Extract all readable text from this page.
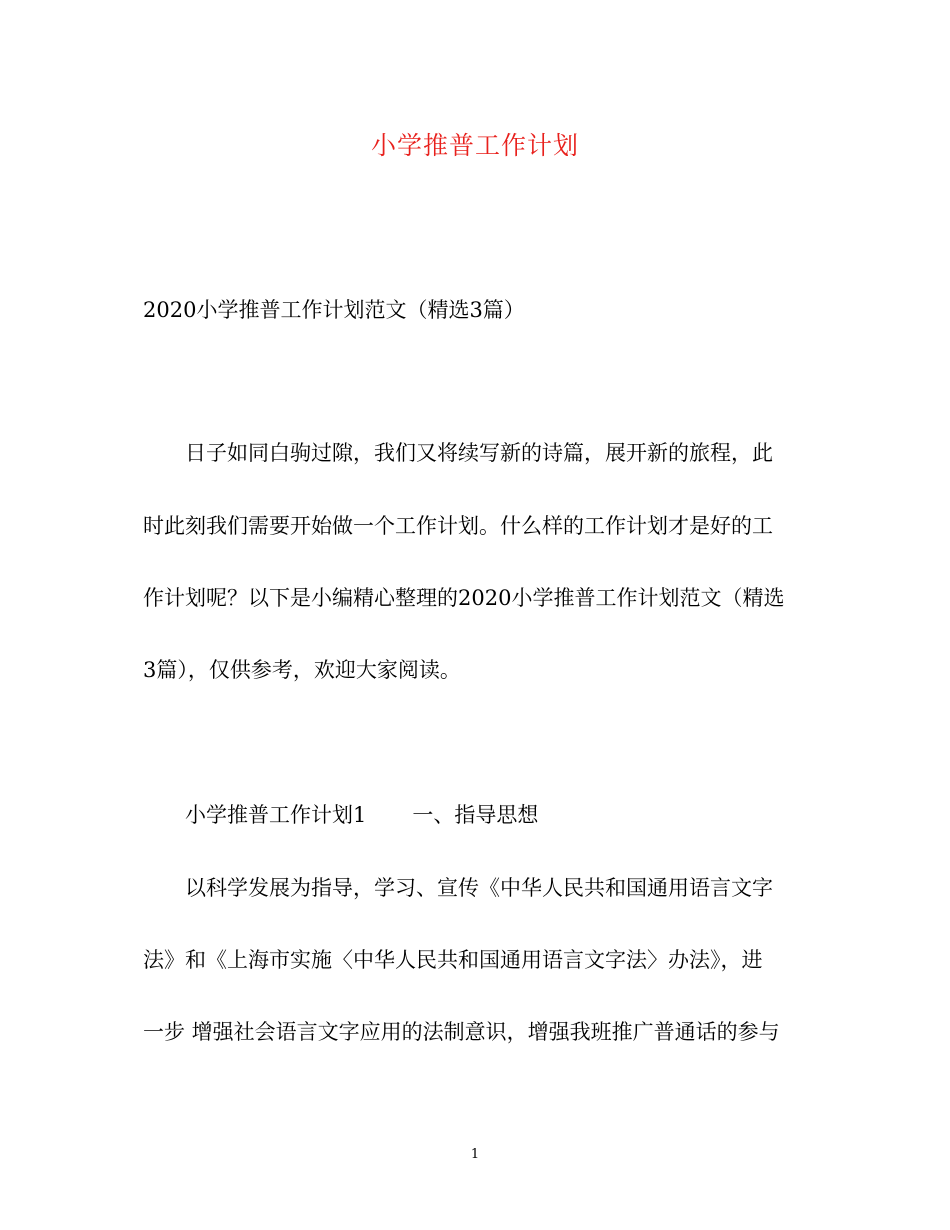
小学推普工作计划
2020小学推普工作计划范文（精选3篇）
日子如同白驹过隙，我们又将续写新的诗篇，展开新的旅程，此
时此刻我们需要开始做一个工作计划。什么样的工作计划才是好的工
作计划呢？以下是小编精心整理的2020小学推普工作计划范文（精选
3篇），仅供参考，欢迎大家阅读。
小学推普工作计划1 一、指导思想
以科学发展为指导，学习、宣传《中华人民共和国通用语言文字
法》和《上海市实施〈中华人民共和国通用语言文字法〉办法》，进
一步 增强社会语言文字应用的法制意识，增强我班推广普通话的参与
1
